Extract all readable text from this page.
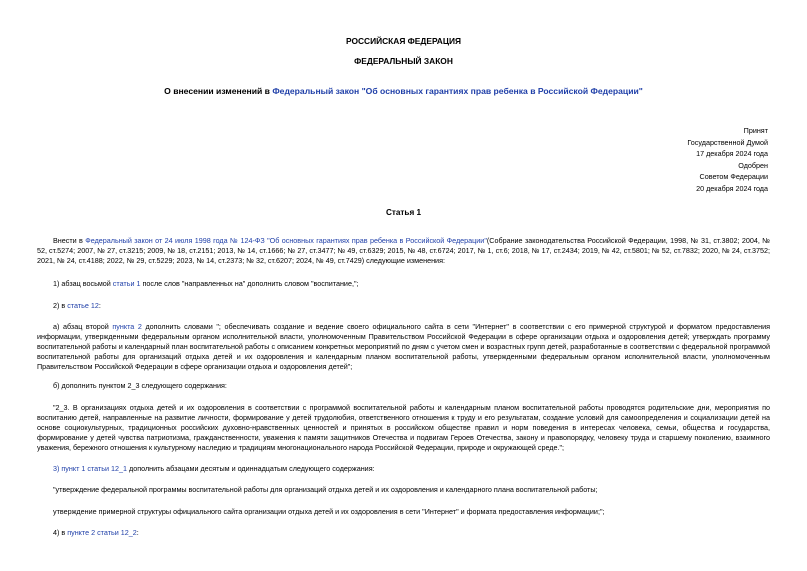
РОССИЙСКАЯ ФЕДЕРАЦИЯ
ФЕДЕРАЛЬНЫЙ ЗАКОН
О внесении изменений в Федеральный закон "Об основных гарантиях прав ребенка в Российской Федерации"
Принят
Государственной Думой
17 декабря 2024 года
Одобрен
Советом Федерации
20 декабря 2024 года
Статья 1
Внести в Федеральный закон от 24 июля 1998 года № 124-ФЗ "Об основных гарантиях прав ребенка в Российской Федерации"(Собрание законодательства Российской Федерации, 1998, № 31, ст.3802; 2004, № 52, ст.5274; 2007, № 27, ст.3215; 2009, № 18, ст.2151; 2013, № 14, ст.1666; № 27, ст.3477; № 49, ст.6329; 2015, № 48, ст.6724; 2017, № 1, ст.6; 2018, № 17, ст.2434; 2019, № 42, ст.5801; № 52, ст.7832; 2020, № 24, ст.3752; 2021, № 24, ст.4188; 2022, № 29, ст.5229; 2023, № 14, ст.2373; № 32, ст.6207; 2024, № 49, ст.7429) следующие изменения:
1) абзац восьмой статьи 1 после слов "направленных на" дополнить словом "воспитание,";
2) в статье 12:
а) абзац второй пункта 2 дополнить словами "; обеспечивать создание и ведение своего официального сайта в сети "Интернет" в соответствии с его примерной структурой и форматом предоставления информации, утвержденными федеральным органом исполнительной власти, уполномоченным Правительством Российской Федерации в сфере организации отдыха и оздоровления детей; утверждать программу воспитательной работы и календарный план воспитательной работы с описанием конкретных мероприятий по дням с учетом смен и возрастных групп детей, разработанные в соответствии с федеральной программой воспитательной работы для организаций отдыха детей и их оздоровления и календарным планом воспитательной работы, утвержденными федеральным органом исполнительной власти, уполномоченным Правительством Российской Федерации в сфере организации отдыха и оздоровления детей";
б) дополнить пунктом 2_3 следующего содержания:
"2_3. В организациях отдыха детей и их оздоровления в соответствии с программой воспитательной работы и календарным планом воспитательной работы проводятся родительские дни, мероприятия по воспитанию детей, направленные на развитие личности, формирование у детей трудолюбия, ответственного отношения к труду и его результатам, создание условий для самоопределения и социализации детей на основе социокультурных, традиционных российских духовно-нравственных ценностей и принятых в российском обществе правил и норм поведения в интересах человека, семьи, общества и государства, формирование у детей чувства патриотизма, гражданственности, уважения к памяти защитников Отечества и подвигам Героев Отечества, закону и правопорядку, человеку труда и старшему поколению, взаимного уважения, бережного отношения к культурному наследию и традициям многонационального народа Российской Федерации, природе и окружающей среде.";
3) пункт 1 статьи 12_1 дополнить абзацами десятым и одиннадцатым следующего содержания:
"утверждение федеральной программы воспитательной работы для организаций отдыха детей и их оздоровления и календарного плана воспитательной работы;
утверждение примерной структуры официального сайта организации отдыха детей и их оздоровления в сети "Интернет" и формата предоставления информации;";
4) в пункте 2 статьи 12_2:
